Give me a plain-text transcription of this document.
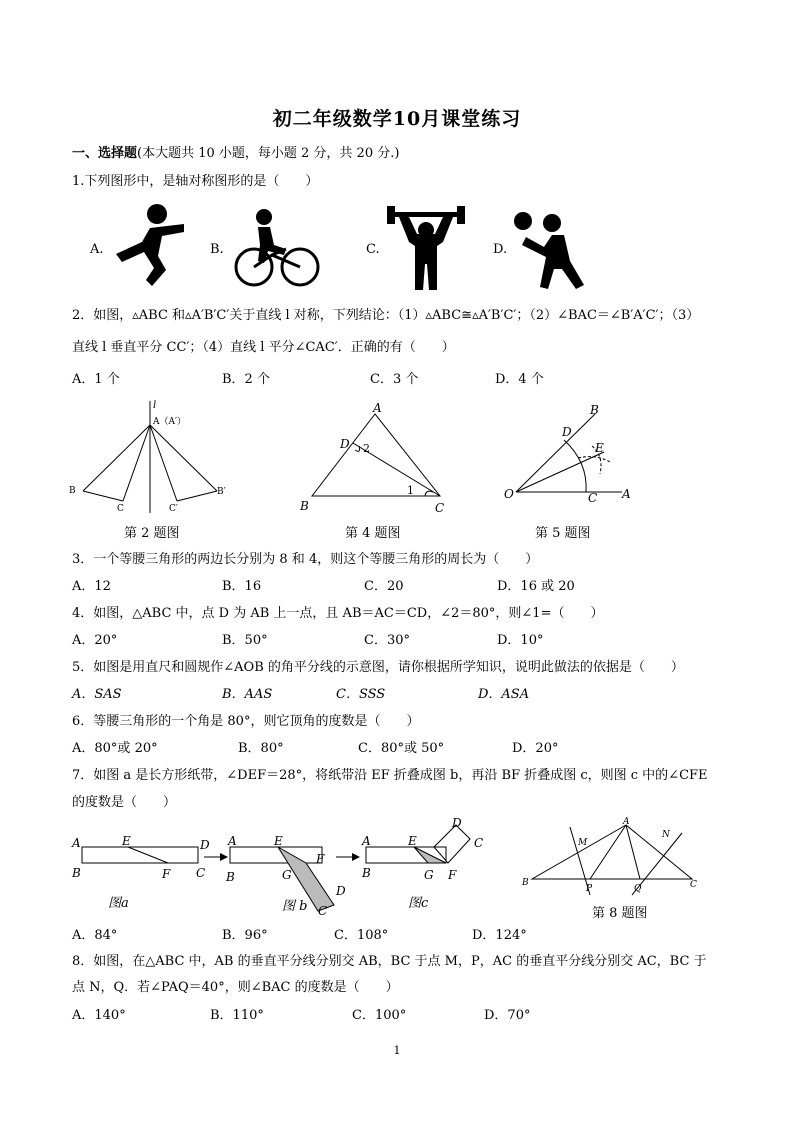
初二年级数学10月课堂练习
一、选择题(本大题共 10 小题，每小题 2 分，共 20 分.)
1.下列图形中，是轴对称图形的是（　　）
A.	B.	C.	D.
2．如图，▵ABC 和▵A′B′C′关于直线 l 对称，下列结论：（1）▵ABC≅▵A′B′C′；（2）∠BAC＝∠B′A′C′；（3）
直线 l 垂直平分 CC′；（4）直线 l 平分∠CAC′．正确的有（　　）
A．1 个	B．2 个	C．3 个	D．4 个
l
A（A′）
B
C	C′
B′
第 2 题图
A
B	C
D
1
2
第 4 题图
O	A
B
C
D
E
第 5 题图
3．一个等腰三角形的两边长分别为 8 和 4，则这个等腰三角形的周长为（　　）
A．12	B．16	C．20	D．16 或 20
4．如图，△ABC 中，点 D 为 AB 上一点，且 AB＝AC＝CD，∠2＝80°，则∠1=（　　）
A．20°	B．50°	C．30°	D．10°
5．如图是用直尺和圆规作∠AOB 的角平分线的示意图，请你根据所学知识，说明此做法的依据是（　　）
A．SAS	B．AAS	C．SSS	D．ASA
6．等腰三角形的一个角是 80°，则它顶角的度数是（　　）
A．80°或 20°	B．80°	C．80°或 50°	D．20°
7．如图 a 是长方形纸带，∠DEF＝28°，将纸带沿 EF 折叠成图 b，再沿 BF 折叠成图 c，则图 c 中的∠CFE
的度数是（　　）
A
B
E
F
D
C
A
B
E
G
F
D
C
A
B
E
G F
D
C
图a	图 b	图c
A
B	C
M
N
P	Q
第 8 题图
A．84°	B．96°	C．108°	D．124°
8．如图，在△ABC 中，AB 的垂直平分线分别交 AB，BC 于点 M，P，AC 的垂直平分线分别交 AC，BC 于
点 N，Q．若∠PAQ＝40°，则∠BAC 的度数是（　　）
A．140°	B．110°	C．100°	D．70°
1
